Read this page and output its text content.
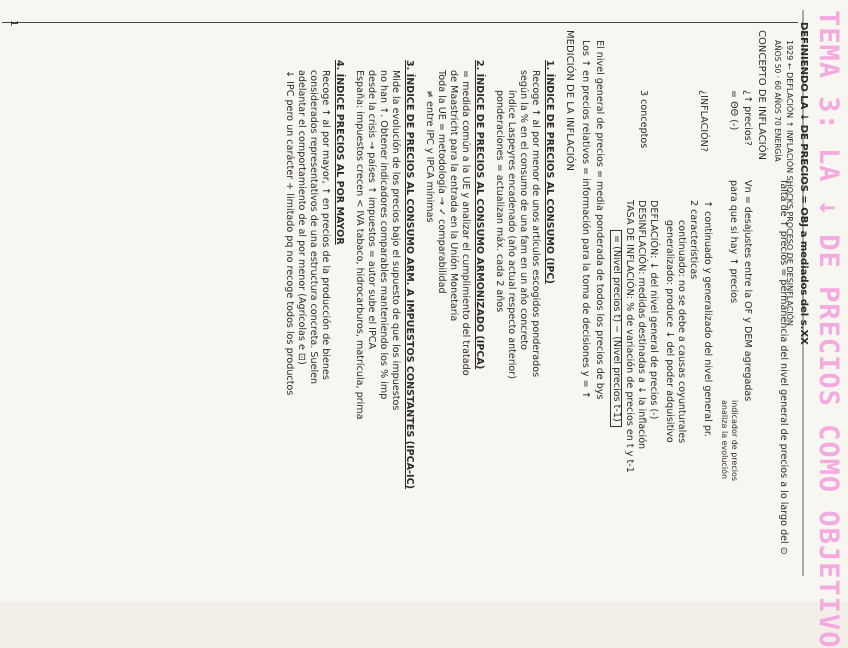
TEMA 3: LA ↓ DE PRECIOS COMO OBJETIVO
DEFINIENDO LA ↓ DE PRECIOS = OBJ a mediados del s.XX
1929 ← DEFLACIÓN ↑ INFLACIÓN SHOCKS PROCESO DE DESINFLACIÓN
AÑOS 50 · 60 AÑOS 70 ENERGÍA
CONCEPTO DE INFLACIÓN
falta de ↑ precios = permanencia del nivel general de precios a lo largo del ⊙
¿↑ precios?
= ΘΘ (-)
Vn = desajustes entre la OF y DEM agregadas
para que si hay ↑ precios
indicador de precios
analiza la evolución
¿INFLACIÓN?
↑ continuado y generalizado del nivel general pr.
2 características
continuado: no se debe a causas coyunturales
generalizado: produce ↓ del poder adquisitivo
3 conceptos
DEFLACIÓN: ↓ del nivel general de precios (-)
DESINFLACIÓN: medidas destinadas a ↓ la inflación
TASA DE INFLACIÓN: % de variación de precios en t y t-1
= (Nivel precios t) − (Nivel precios t-1)
El nivel general de precios = media ponderada de todos los precios de bys
Los ↑ en precios relativos = información para la toma de decisiones y = ↑
MEDICIÓN DE LA INFLACIÓN
1. ÍNDICE DE PRECIOS AL CONSUMO (IPC)
Recoge ↑ al por menor de unos artículos escogidos ponderados
según la % en el consumo de una fam en un año concreto
índice Laspeyres encadenado (año actual respecto anterior)
ponderaciones = actualizan máx. cada 2 años
2. ÍNDICE DE PRECIOS AL CONSUMO ARMONIZADO (IPCA)
= medida común a la UE y analizar el cumplimiento del tratado
de Maastricht para la entrada en la Unión Monetaria
Toda la UE = metodología → ✓ comparabilidad
≠ entre IPC y IPCA mínimas
3. ÍNDICE DE PRECIOS AL CONSUMO ARM. A IMPUESTOS CONSTANTES (IPCA-IC)
Mide la evolución de los precios bajo el supuesto de que los impuestos
no han ↑. Obtener indicadores comparables manteniendo los % imp
desde la crisis → países ↑ impuestos = autor sube el IPCA
España: impuestos crecen < IVA tabaco, hidrocarburos, matrícula, prima
4. ÍNDICE PRECIOS AL POR MAYOR
Recoge ↑ al por mayor, ↑ en precios de la producción de bienes
considerados representativos de una estructura concreta. Suelen
adelantar el comportamiento de al por menor (Agrícolas e ⊡)
↓ IPC pero un carácter + limitado pq no recoge todos los productos
1
